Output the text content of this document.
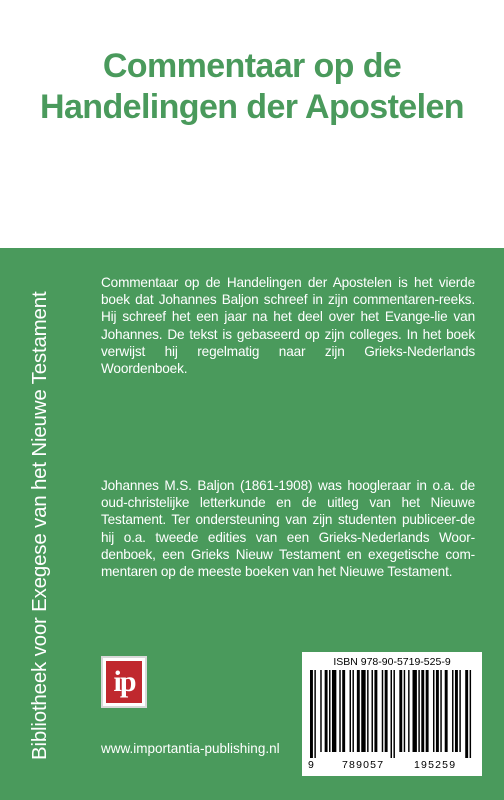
Commentaar op de
Handelingen der Apostelen
Bibliotheek voor Exegese van het Nieuwe Testament

Commentaar op de Handelingen der Apostelen is het vierde boek dat Johannes Baljon schreef in zijn commentaren-reeks. Hij schreef het een jaar na het deel over het Evange-lie van Johannes. De tekst is gebaseerd op zijn colleges. In het boek verwijst hij regelmatig naar zijn Grieks-Nederlands Woordenboek.

Johannes M.S. Baljon (1861-1908) was hoogleraar in o.a. de oud-christelijke letterkunde en de uitleg van het Nieuwe Testament. Ter ondersteuning van zijn studenten publiceer-de hij o.a. tweede edities van een Grieks-Nederlands Woor-denboek, een Grieks Nieuw Testament en exegetische com-mentaren op de meeste boeken van het Nieuwe Testament.

ip
www.importantia-publishing.nl
ISBN 978-90-5719-525-9
9	789057	195259
